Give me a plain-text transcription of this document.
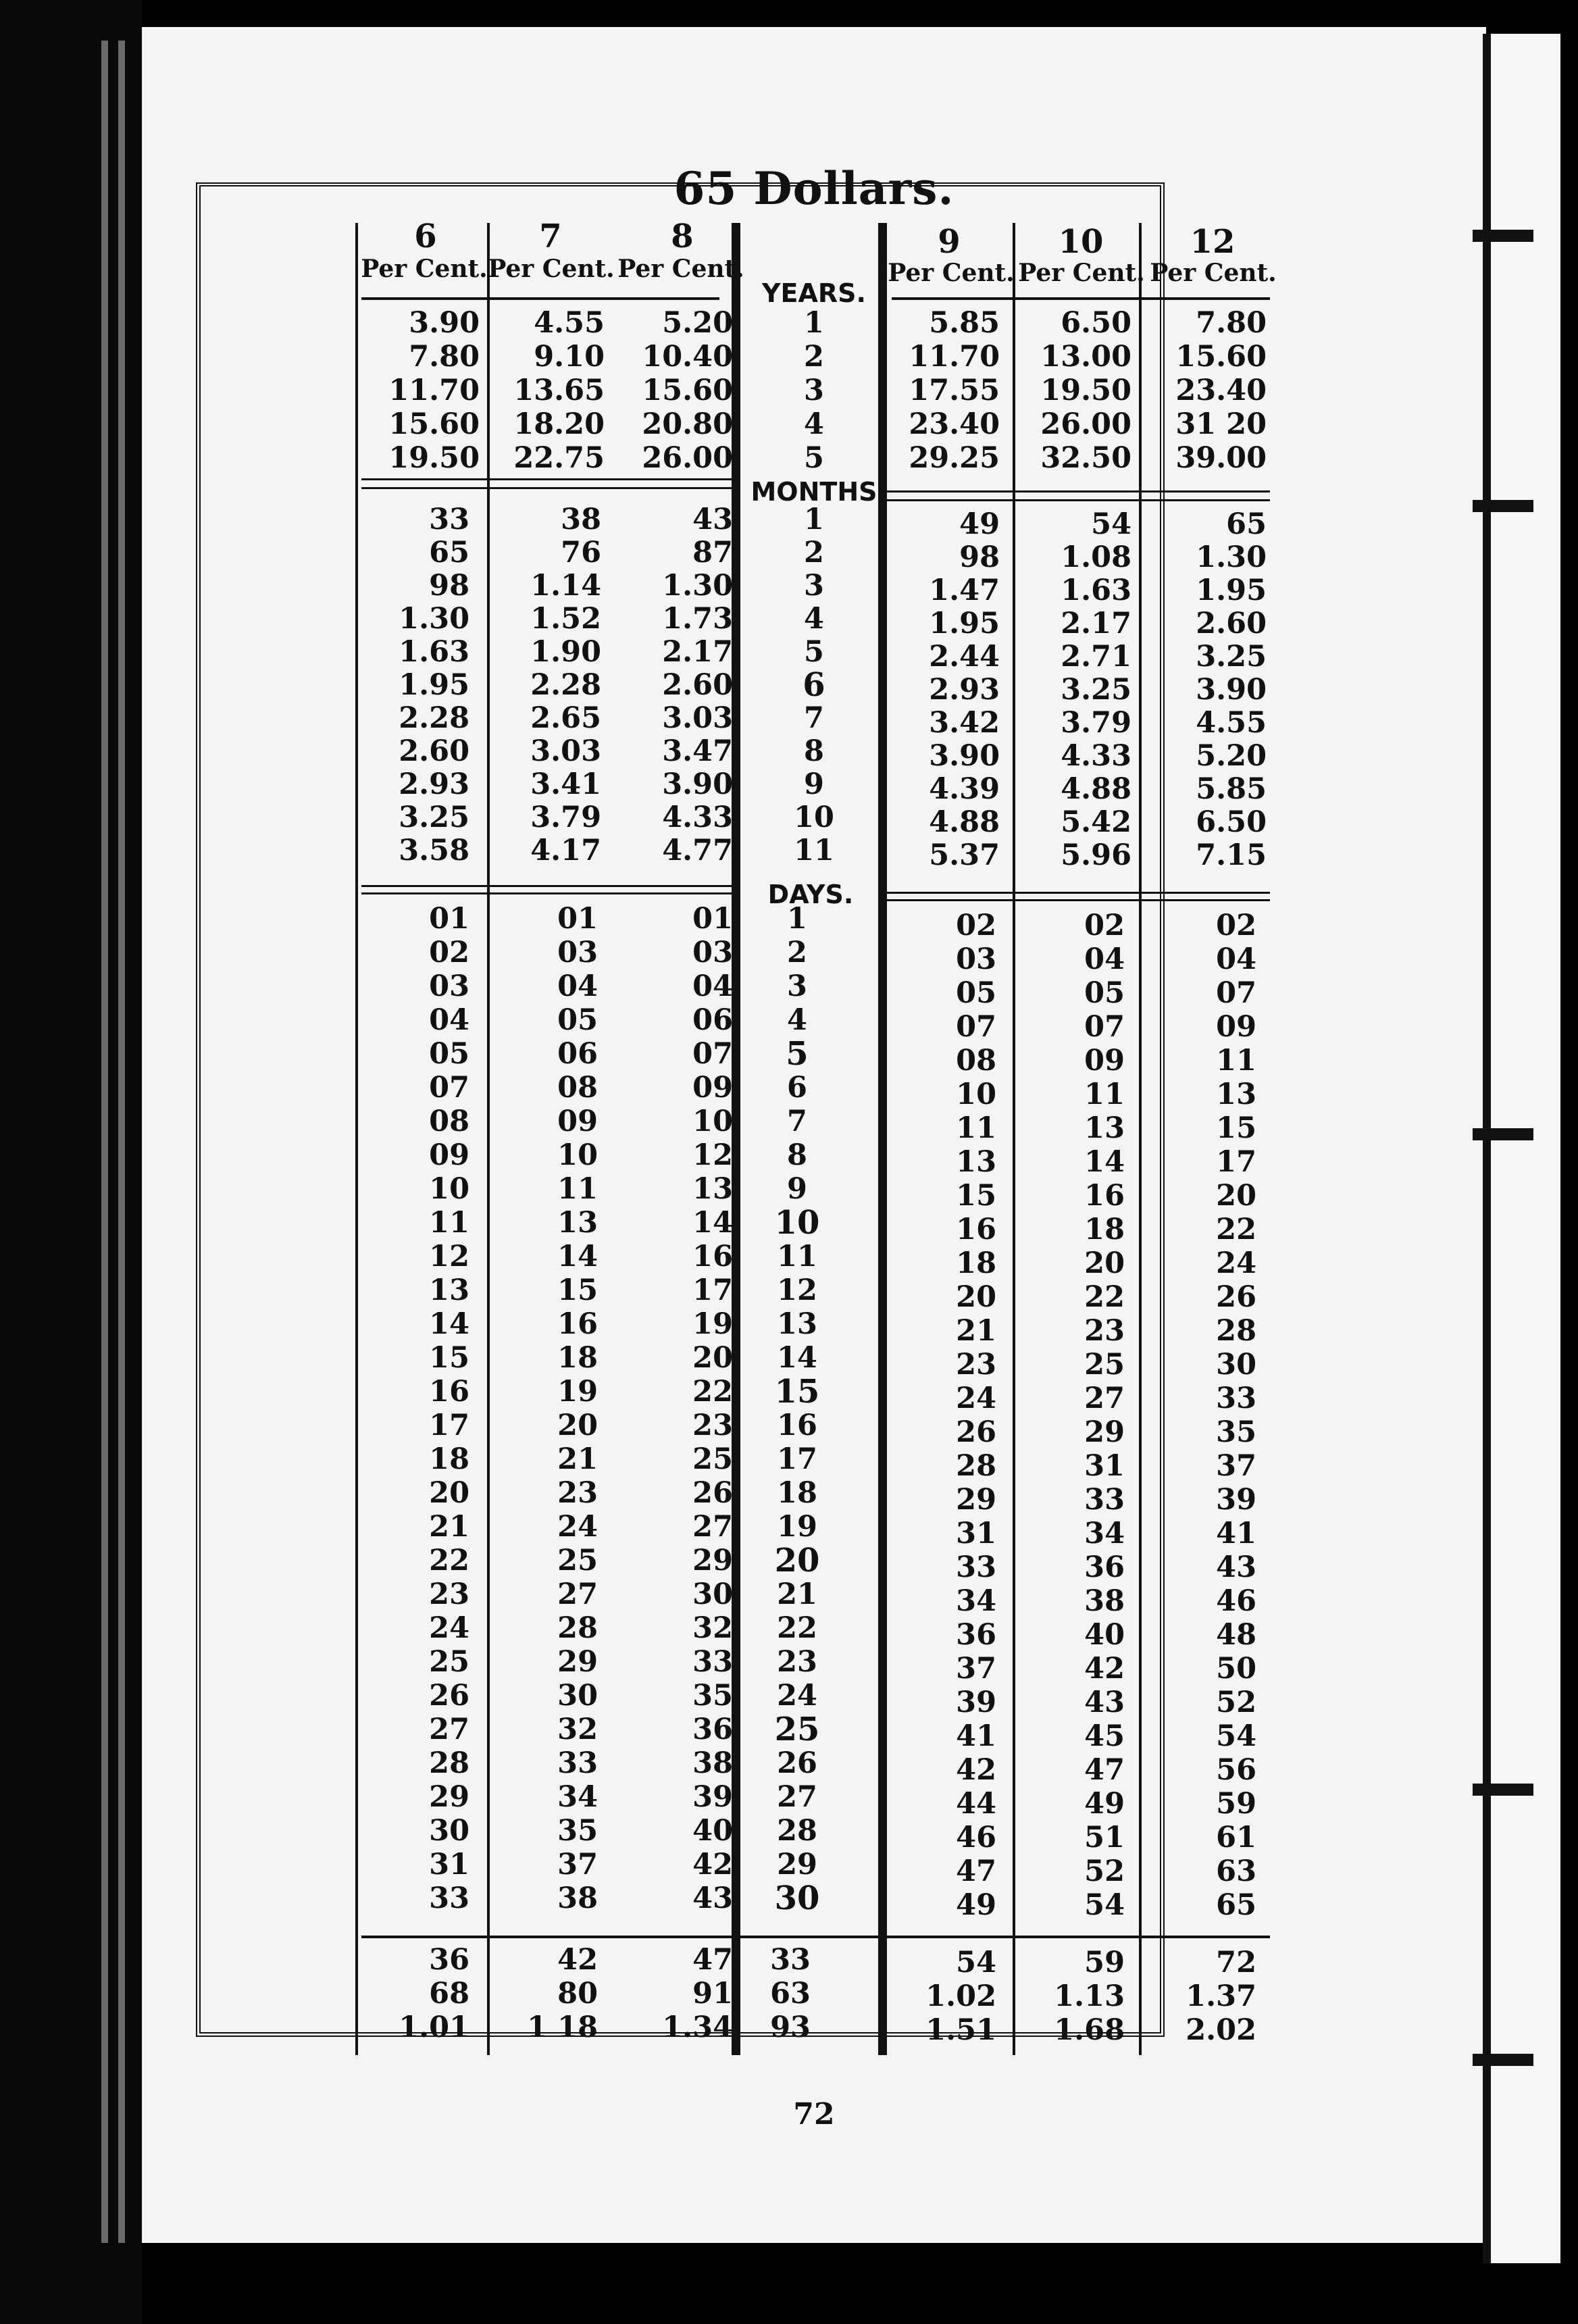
65 Dollars.
72
6
Per Cent.
7
Per Cent.
8
Per Cent.
9
Per Cent.
10
Per Cent.
12
Per Cent.
YEARS.
MONTHS
DAYS.
3.90
7.80
11.70
15.60
19.50
4.55
9.10
13.65
18.20
22.75
5.20
10.40
15.60
20.80
26.00
1
2
3
4
5
5.85
11.70
17.55
23.40
29.25
6.50
13.00
19.50
26.00
32.50
7.80
15.60
23.40
31 20
39.00
33
65
98
1.30
1.63
1.95
2.28
2.60
2.93
3.25
3.58
38
76
1.14
1.52
1.90
2.28
2.65
3.03
3.41
3.79
4.17
43
87
1.30
1.73
2.17
2.60
3.03
3.47
3.90
4.33
4.77
1
2
3
4
5
6
7
8
9
10
11
49
98
1.47
1.95
2.44
2.93
3.42
3.90
4.39
4.88
5.37
54
1.08
1.63
2.17
2.71
3.25
3.79
4.33
4.88
5.42
5.96
65
1.30
1.95
2.60
3.25
3.90
4.55
5.20
5.85
6.50
7.15
01
02
03
04
05
07
08
09
10
11
12
13
14
15
16
17
18
20
21
22
23
24
25
26
27
28
29
30
31
33
01
03
04
05
06
08
09
10
11
13
14
15
16
18
19
20
21
23
24
25
27
28
29
30
32
33
34
35
37
38
01
03
04
06
07
09
10
12
13
14
16
17
19
20
22
23
25
26
27
29
30
32
33
35
36
38
39
40
42
43
1
2
3
4
5
6
7
8
9
10
11
12
13
14
15
16
17
18
19
20
21
22
23
24
25
26
27
28
29
30
02
03
05
07
08
10
11
13
15
16
18
20
21
23
24
26
28
29
31
33
34
36
37
39
41
42
44
46
47
49
02
04
05
07
09
11
13
14
16
18
20
22
23
25
27
29
31
33
34
36
38
40
42
43
45
47
49
51
52
54
02
04
07
09
11
13
15
17
20
22
24
26
28
30
33
35
37
39
41
43
46
48
50
52
54
56
59
61
63
65
36
68
1.01
42
80
1 18
47
91
1.34
33
63
93
54
1.02
1.51
59
1.13
1.68
72
1.37
2.02
